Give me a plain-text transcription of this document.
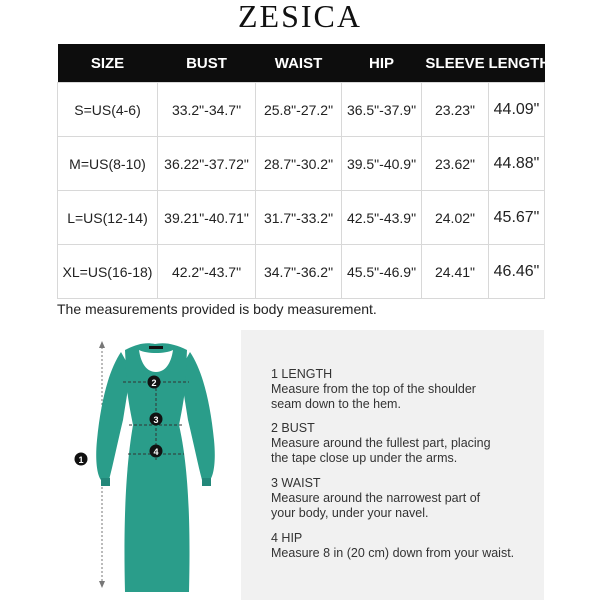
ZESICA
SIZE	BUST	WAIST	HIP	SLEEVE	LENGTH
S=US(4-6)	33.2"-34.7"	25.8"-27.2"	36.5"-37.9"	23.23"	44.09"
M=US(8-10)	36.22"-37.72"	28.7"-30.2"	39.5"-40.9"	23.62"	44.88"
L=US(12-14)	39.21"-40.71"	31.7"-33.2"	42.5"-43.9"	24.02"	45.67"
XL=US(16-18)	42.2"-43.7"	34.7"-36.2"	45.5"-46.9"	24.41"	46.46"
The measurements provided is body measurement.
1
2
3
4
1 LENGTH
Measure from the top of the shoulder
seam down to the hem.
2 BUST
Measure around the fullest part, placing
the tape close up under the arms.
3 WAIST
Measure around the narrowest part of
your body, under your navel.
4 HIP
Measure 8 in (20 cm) down from your waist.
